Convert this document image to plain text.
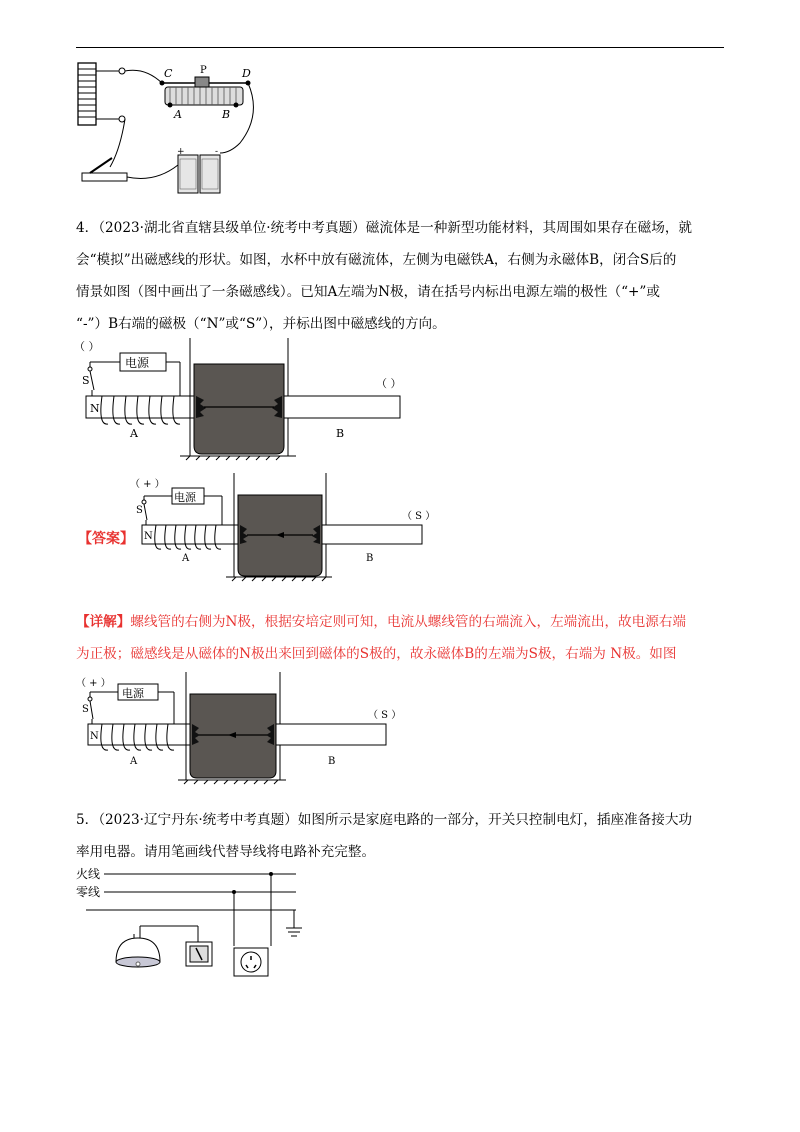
C	P	D
A	B
+	-

4．（2023·湖北省直辖县级单位·统考中考真题）磁流体是一种新型功能材料，其周围如果存在磁场，就

会“模拟”出磁感线的形状。如图，水杯中放有磁流体，左侧为电磁铁A，右侧为永磁体B，闭合S后的

情景如图（图中画出了一条磁感线）。已知A左端为N极，请在括号内标出电源左端的极性（“+”或

“-”）B右端的磁极（“N”或“S”），并标出图中磁感线的方向。

（ ）
电源
S
N
A
（ ）
B
（ + ）
电源
S
N
A
（ S ）
B
【答案】

【详解】螺线管的右侧为N极，根据安培定则可知，电流从螺线管的右端流入，左端流出，故电源右端

为正极；磁感线是从磁体的N极出来回到磁体的S极的，故永磁体B的左端为S极，右端为 N极。如图

（ + ）
电源
S
N
A
（ S ）
B

5．（2023·辽宁丹东·统考中考真题）如图所示是家庭电路的一部分，开关只控制电灯，插座准备接大功

率用电器。请用笔画线代替导线将电路补充完整。

火线
零线
